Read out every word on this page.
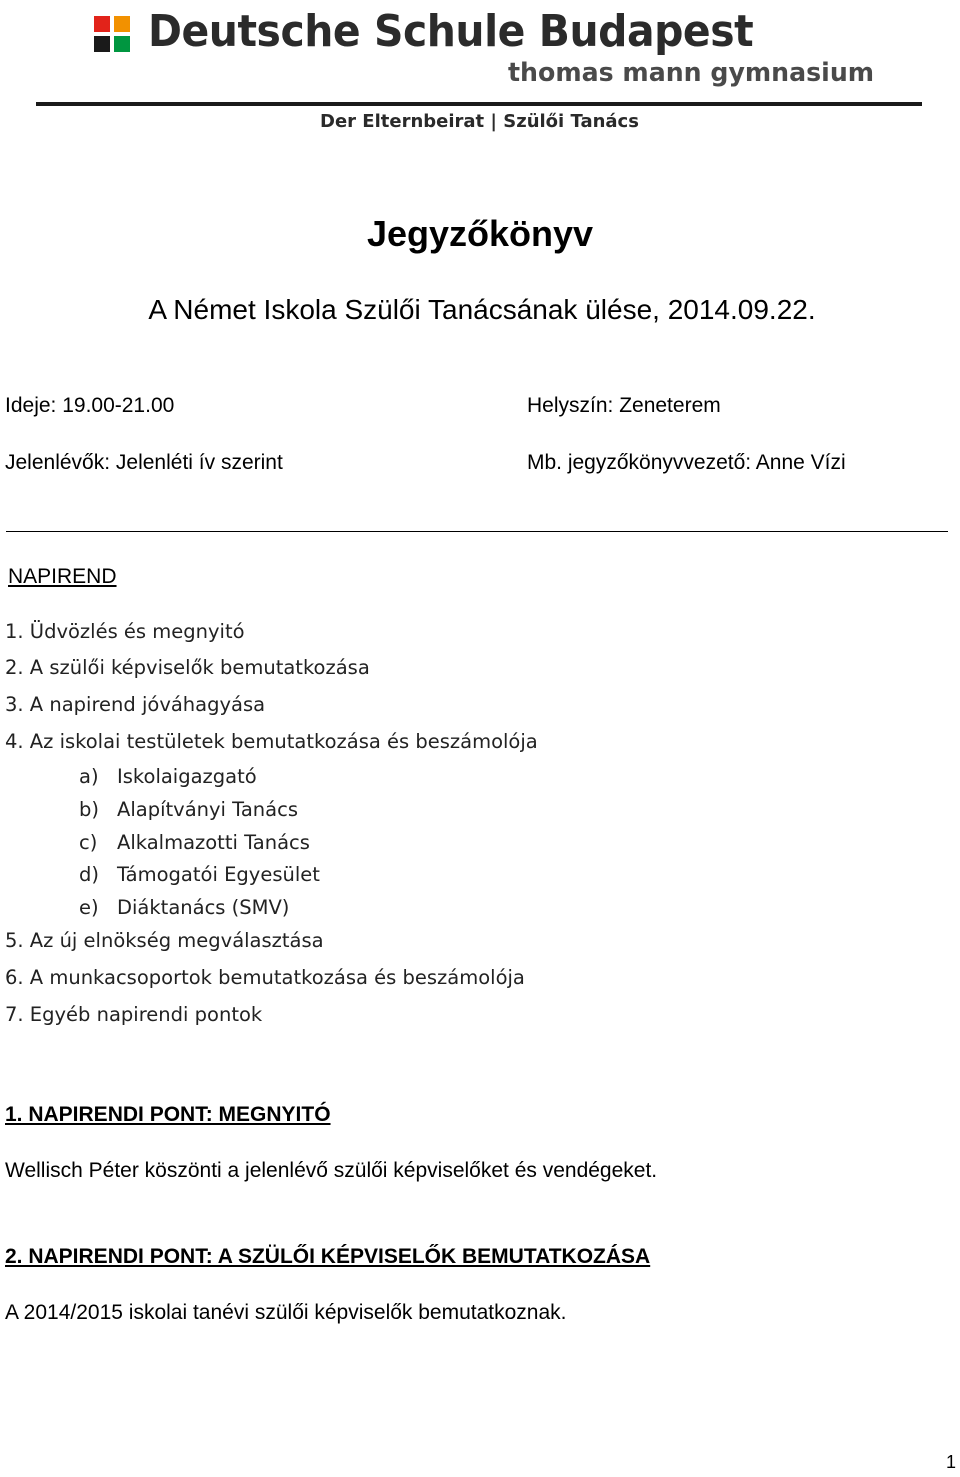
Deutsche Schule Budapest
thomas mann gymnasium
Der Elternbeirat | Szülői Tanács
Jegyzőkönyv
A Német Iskola Szülői Tanácsának ülése, 2014.09.22.
Ideje: 19.00-21.00	Helyszín: Zeneterem
Jelenlévők: Jelenléti ív szerint	Mb. jegyzőkönyvvezető: Anne Vízi
NAPIREND
1. Üdvözlés és megnyitó
2. A szülői képviselők bemutatkozása
3. A napirend jóváhagyása
4. Az iskolai testületek bemutatkozása és beszámolója
a) Iskolaigazgató
b) Alapítványi Tanács
c) Alkalmazotti Tanács
d) Támogatói Egyesület
e) Diáktanács (SMV)
5. Az új elnökség megválasztása
6. A munkacsoportok bemutatkozása és beszámolója
7. Egyéb napirendi pontok
1. NAPIRENDI PONT: MEGNYITÓ
Wellisch Péter köszönti a jelenlévő szülői képviselőket és vendégeket.
2. NAPIRENDI PONT: A SZÜLŐI KÉPVISELŐK BEMUTATKOZÁSA
A 2014/2015 iskolai tanévi szülői képviselők bemutatkoznak.
1
